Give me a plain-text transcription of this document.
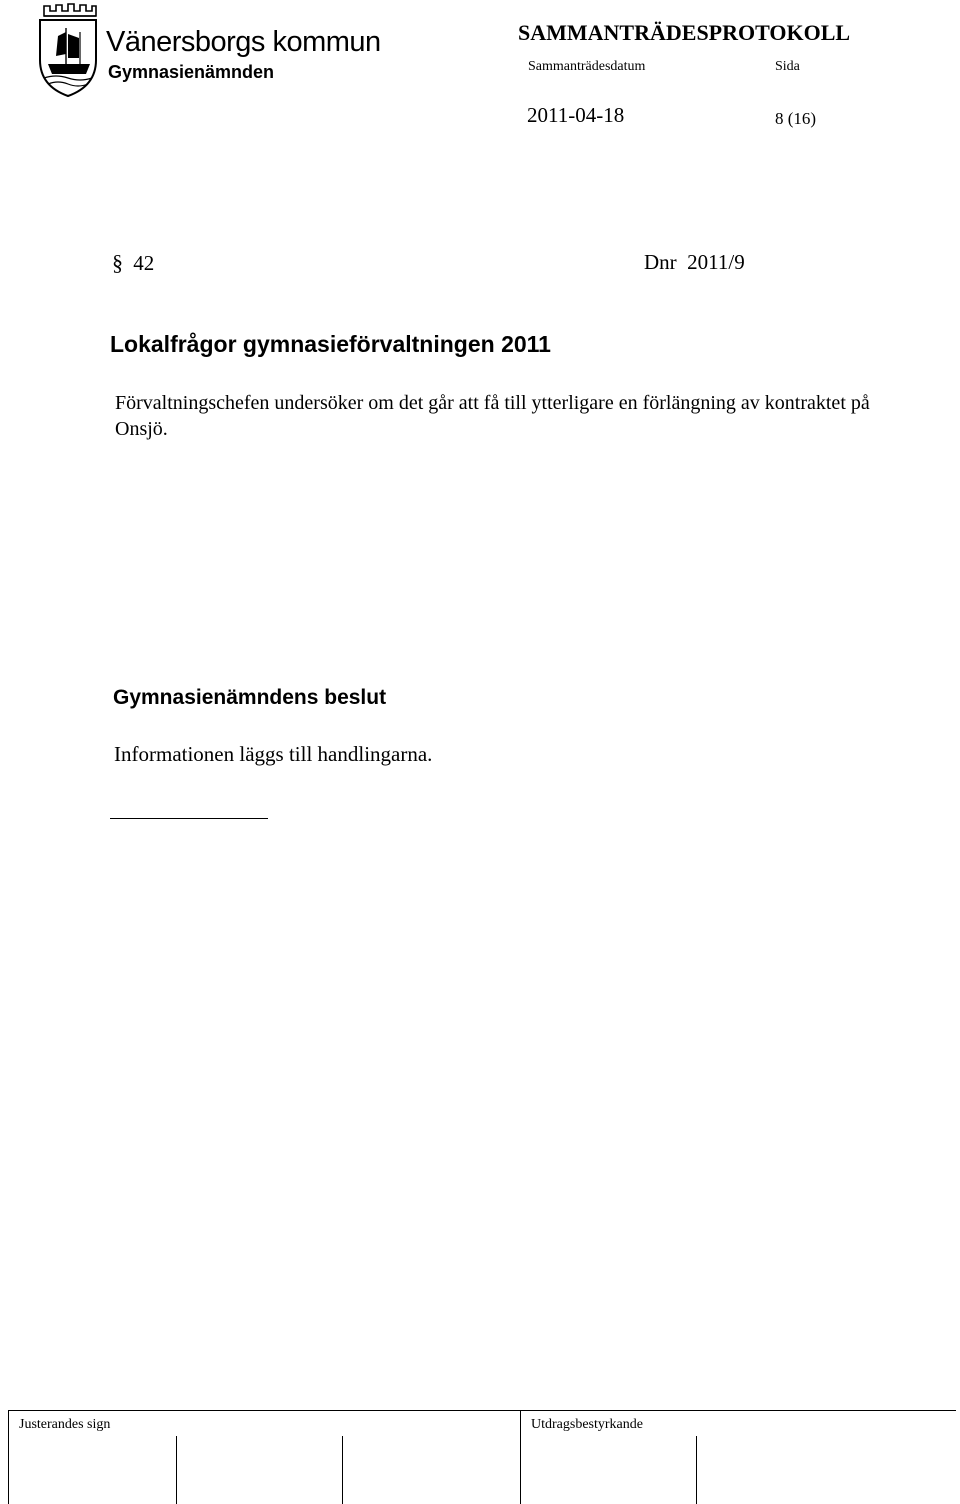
Vänersborgs kommun
Gymnasienämnden
SAMMANTRÄDESPROTOKOLL
Sammanträdesdatum	Sida
2011-04-18	8 (16)
§ 42	Dnr  2011/9
Lokalfrågor gymnasieförvaltningen 2011
Förvaltningschefen undersöker om det går att få till ytterligare en förlängning av kontraktet på Onsjö.
Gymnasienämndens beslut
Informationen läggs till handlingarna.
Justerandes sign	Utdragsbestyrkande
